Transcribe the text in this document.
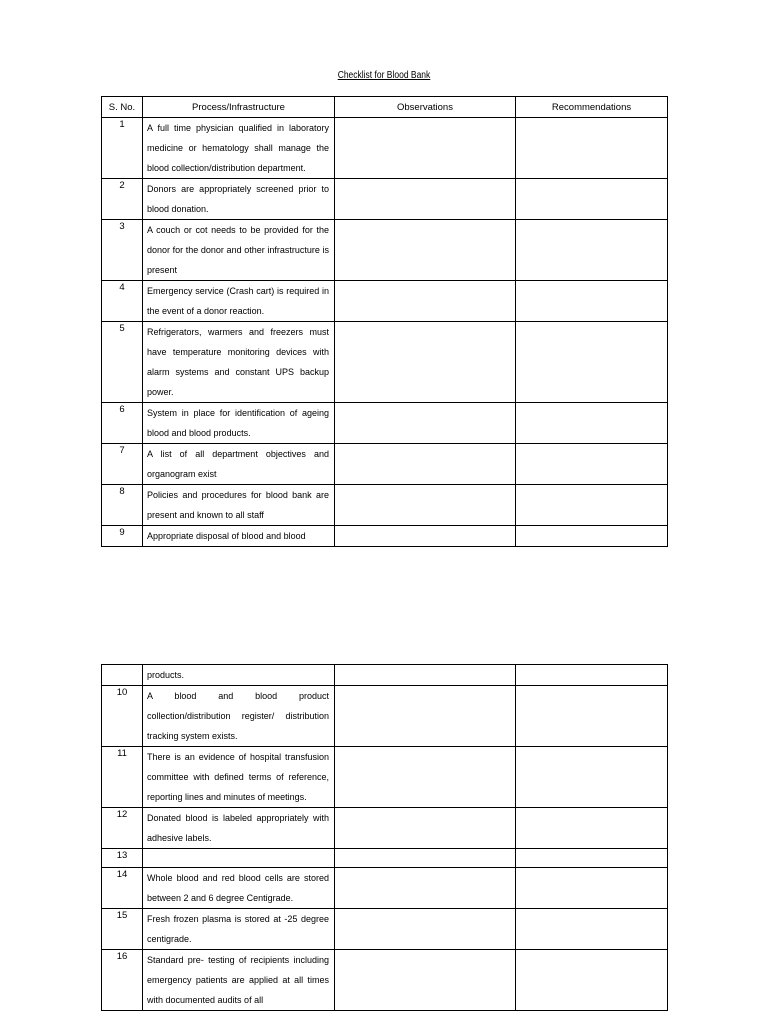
Checklist for Blood Bank
S. No.	Process/Infrastructure	Observations	Recommendations
1	A full time physician qualified in laboratory medicine or hematology shall manage the blood collection/distribution department.		
2	Donors are appropriately screened prior to blood donation.		
3	A couch or cot needs to be provided for the donor for the donor and other infrastructure is present		
4	Emergency service (Crash cart) is required in the event of a donor reaction.		
5	Refrigerators, warmers and freezers must have temperature monitoring devices with alarm systems and constant UPS backup power.		
6	System in place for identification of ageing blood and blood products.		
7	A list of all department objectives and organogram exist		
8	Policies and procedures for blood bank are present and known to all staff		
9	Appropriate disposal of blood and blood		
	products.		
10	A blood and blood product collection/distribution register/ distribution tracking system exists.		
11	There is an evidence of hospital transfusion committee with defined terms of reference, reporting lines and minutes of meetings.		
12	Donated blood is labeled appropriately with adhesive labels.		
13			
14	Whole blood and red blood cells are stored between 2 and 6 degree Centigrade.		
15	Fresh frozen plasma is stored at -25 degree centigrade.		
16	Standard pre- testing of recipients including emergency patients are applied at all times with documented audits of all		
